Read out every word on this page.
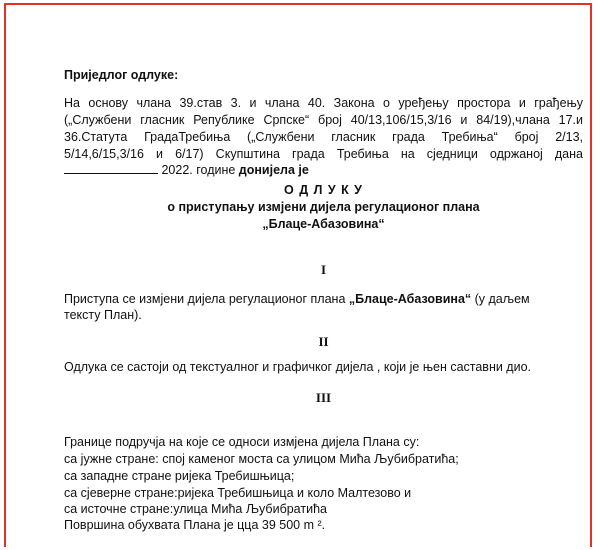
Приједлог одлуке:
На основу члана 39.став 3. и члана 40. Закона о уређењу простора и грађењу
(„Службени гласник Републике Српске“ број 40/13,106/15,3/16 и 84/19),члана 17.и
36.Статута ГрадаТребиња („Службени гласник града Требиња“ број 2/13,
5/14,6/15,3/16 и 6/17) Скупштина града Требиња на сједници одржаној дана
2022. године донијела је
О Д Л У К У
о приступању измјени дијела регулационог плана
„Блаце-Абазовина“
I
Приступа се измјени дијела регулационог плана „Блаце-Абазовина“ (у даљем
тексту План).
II
Одлука се састоји од текстуалног и графичког дијела , који је њен саставни дио.
III
Границе подручја на које се односи измјена дијела Плана су:
са јужне стране: спој каменог моста са улицом Мића Љубибратића;
са западне стране ријека Требишњица;
са сјеверне стране:ријека Требишњица и коло Малтезово и
са источне стране:улица Мића Љубибратића
Површина обухвата Плана је цца 39 500 m ².
